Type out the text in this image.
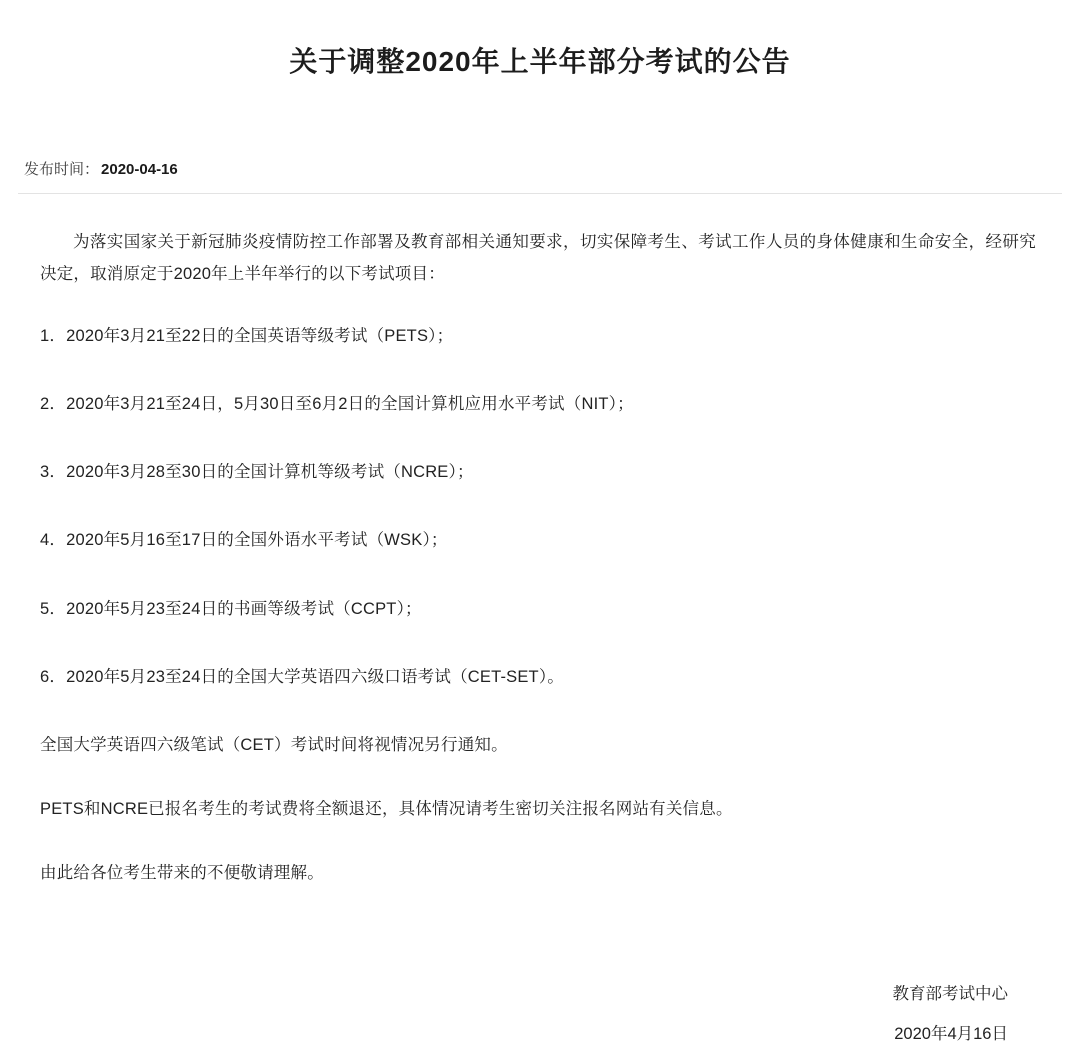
关于调整2020年上半年部分考试的公告
发布时间： 2020-04-16

为落实国家关于新冠肺炎疫情防控工作部署及教育部相关通知要求，切实保障考生、考试工作人员的身体健康和生命安全，经研究决定，取消原定于2020年上半年举行的以下考试项目：

1．2020年3月21至22日的全国英语等级考试（PETS）；

2．2020年3月21至24日，5月30日至6月2日的全国计算机应用水平考试（NIT）；

3．2020年3月28至30日的全国计算机等级考试（NCRE）；

4．2020年5月16至17日的全国外语水平考试（WSK）；

5．2020年5月23至24日的书画等级考试（CCPT）；

6．2020年5月23至24日的全国大学英语四六级口语考试（CET-SET）。

全国大学英语四六级笔试（CET）考试时间将视情况另行通知。

PETS和NCRE已报名考生的考试费将全额退还，具体情况请考生密切关注报名网站有关信息。

由此给各位考生带来的不便敬请理解。

教育部考试中心
2020年4月16日
